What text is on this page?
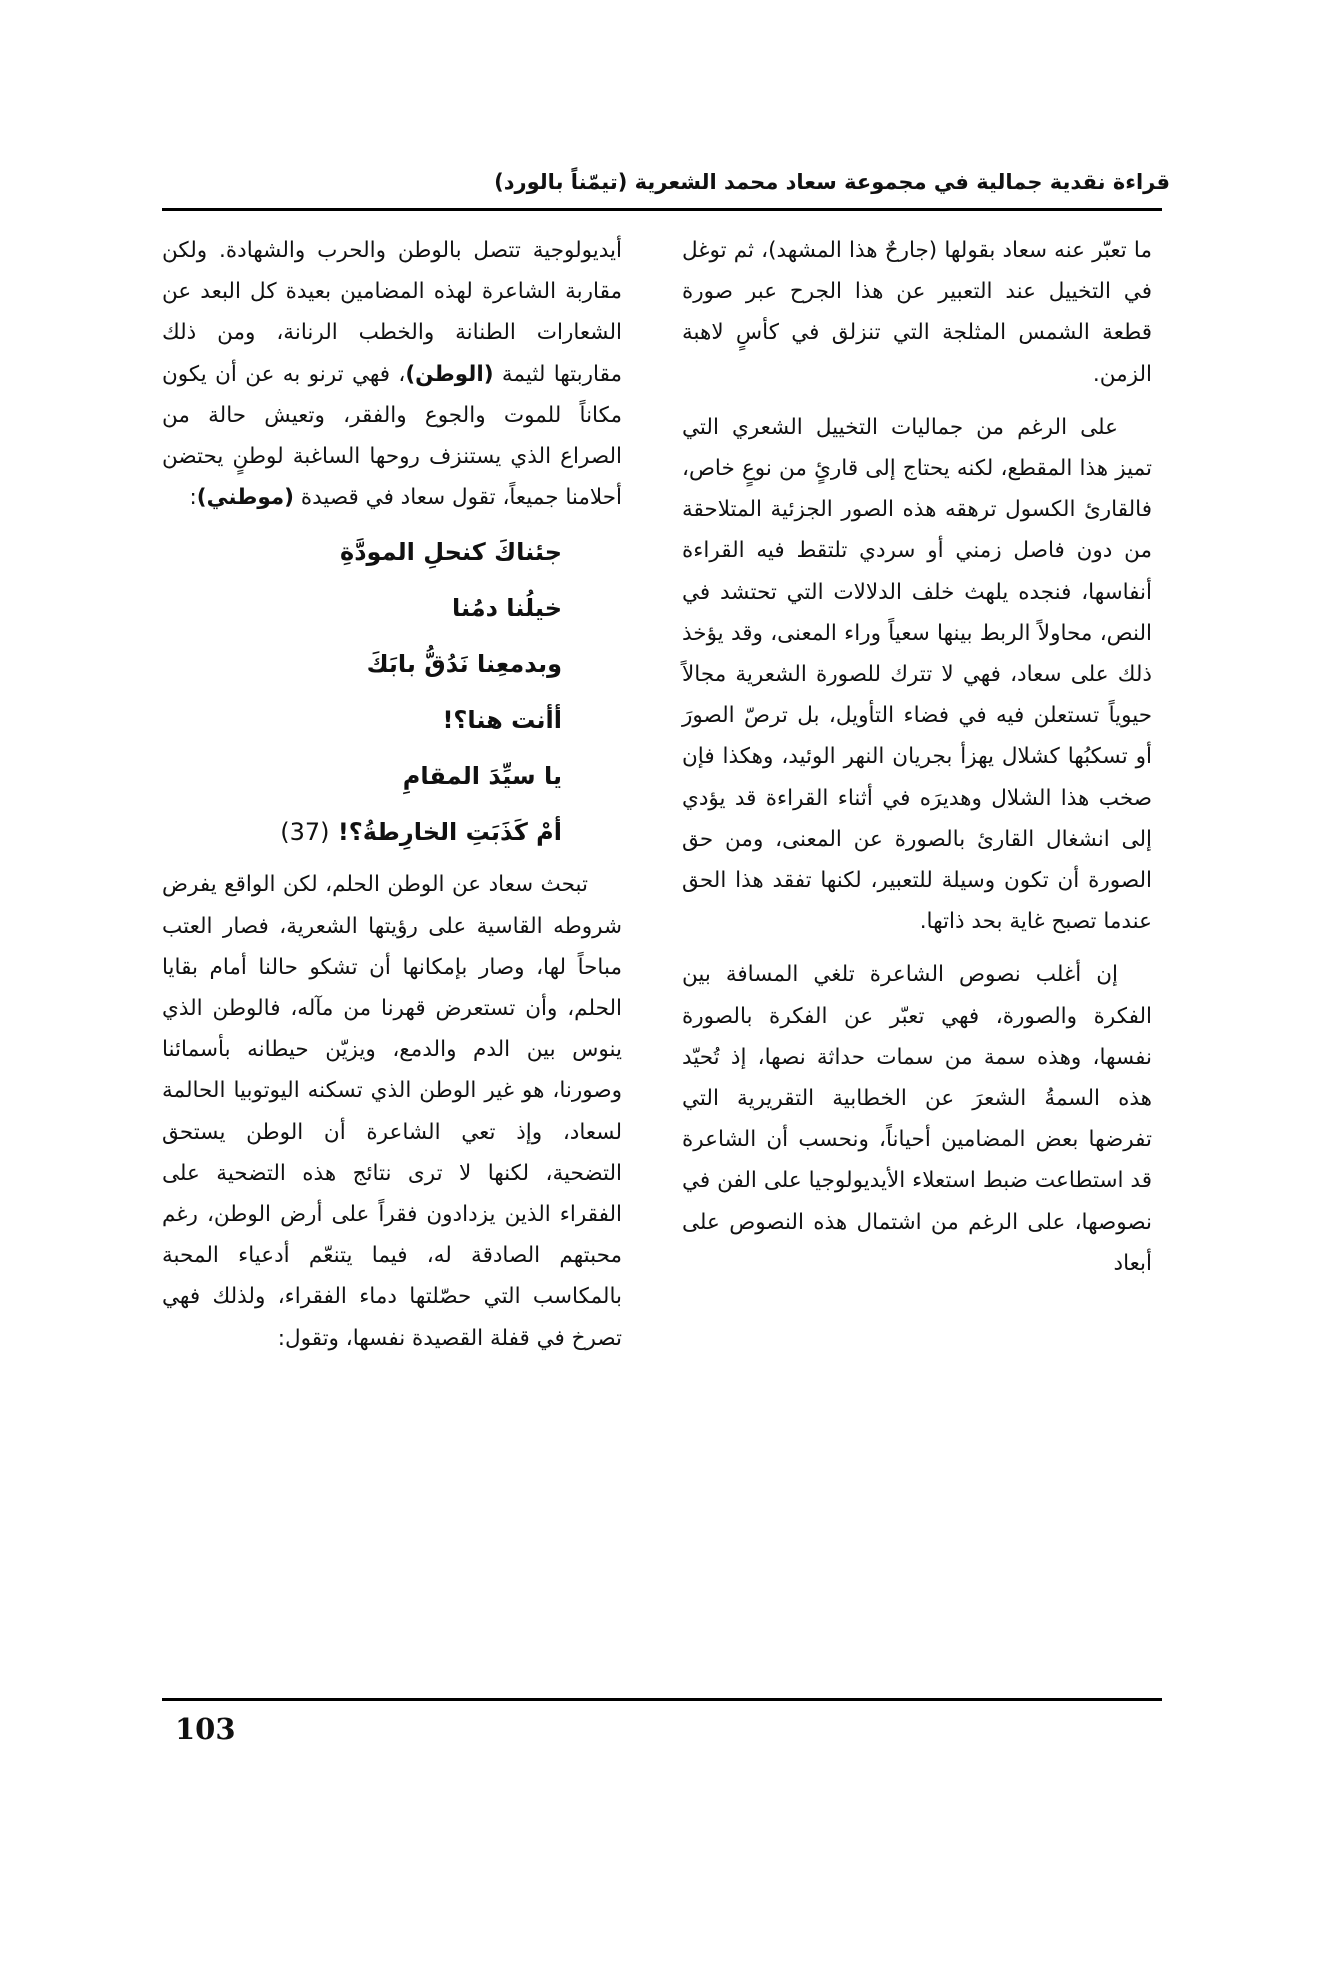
قراءة نقدية جمالية في مجموعة سعاد محمد الشعرية (تيمّناً بالورد)

ما تعبّر عنه سعاد بقولها (جارحٌ هذا المشهد)، ثم توغل في التخييل عند التعبير عن هذا الجرح عبر صورة قطعة الشمس المثلجة التي تنزلق في كأسٍ لاهبة الزمن.

على الرغم من جماليات التخييل الشعري التي تميز هذا المقطع، لكنه يحتاج إلى قارئٍ من نوعٍ خاص، فالقارئ الكسول ترهقه هذه الصور الجزئية المتلاحقة من دون فاصل زمني أو سردي تلتقط فيه القراءة أنفاسها، فنجده يلهث خلف الدلالات التي تحتشد في النص، محاولاً الربط بينها سعياً وراء المعنى، وقد يؤخذ ذلك على سعاد، فهي لا تترك للصورة الشعرية مجالاً حيوياً تستعلن فيه في فضاء التأويل، بل ترصّ الصورَ أو تسكبُها كشلال يهزأ بجريان النهر الوئيد، وهكذا فإن صخب هذا الشلال وهديرَه في أثناء القراءة قد يؤدي إلى انشغال القارئ بالصورة عن المعنى، ومن حق الصورة أن تكون وسيلة للتعبير، لكنها تفقد هذا الحق عندما تصبح غاية بحد ذاتها.

إن أغلب نصوص الشاعرة تلغي المسافة بين الفكرة والصورة، فهي تعبّر عن الفكرة بالصورة نفسها، وهذه سمة من سمات حداثة نصها، إذ تُحيّد هذه السمةُ الشعرَ عن الخطابية التقريرية التي تفرضها بعض المضامين أحياناً، ونحسب أن الشاعرة قد استطاعت ضبط استعلاء الأيديولوجيا على الفن في نصوصها، على الرغم من اشتمال هذه النصوص على أبعاد

أيديولوجية تتصل بالوطن والحرب والشهادة. ولكن مقاربة الشاعرة لهذه المضامين بعيدة كل البعد عن الشعارات الطنانة والخطب الرنانة، ومن ذلك مقاربتها لثيمة (الوطن)، فهي ترنو به عن أن يكون مكاناً للموت والجوع والفقر، وتعيش حالة من الصراع الذي يستنزف روحها الساغبة لوطنٍ يحتضن أحلامنا جميعاً، تقول سعاد في قصيدة (موطني):

جئناكَ كنحلِ المودَّةِ

خيلُنا دمُنا

وبدمعِنا نَدُقُّ بابَكَ

أأنت هنا؟!

يا سيِّدَ المقامِ

أمْ كَذَبَتِ الخارِطةُ؟! (37)

تبحث سعاد عن الوطن الحلم، لكن الواقع يفرض شروطه القاسية على رؤيتها الشعرية، فصار العتب مباحاً لها، وصار بإمكانها أن تشكو حالنا أمام بقايا الحلم، وأن تستعرض قهرنا من مآله، فالوطن الذي ينوس بين الدم والدمع، ويزيّن حيطانه بأسمائنا وصورنا، هو غير الوطن الذي تسكنه اليوتوبيا الحالمة لسعاد، وإذ تعي الشاعرة أن الوطن يستحق التضحية، لكنها لا ترى نتائج هذه التضحية على الفقراء الذين يزدادون فقراً على أرض الوطن، رغم محبتهم الصادقة له، فيما يتنعّم أدعياء المحبة بالمكاسب التي حصّلتها دماء الفقراء، ولذلك فهي تصرخ في قفلة القصيدة نفسها، وتقول:

103
